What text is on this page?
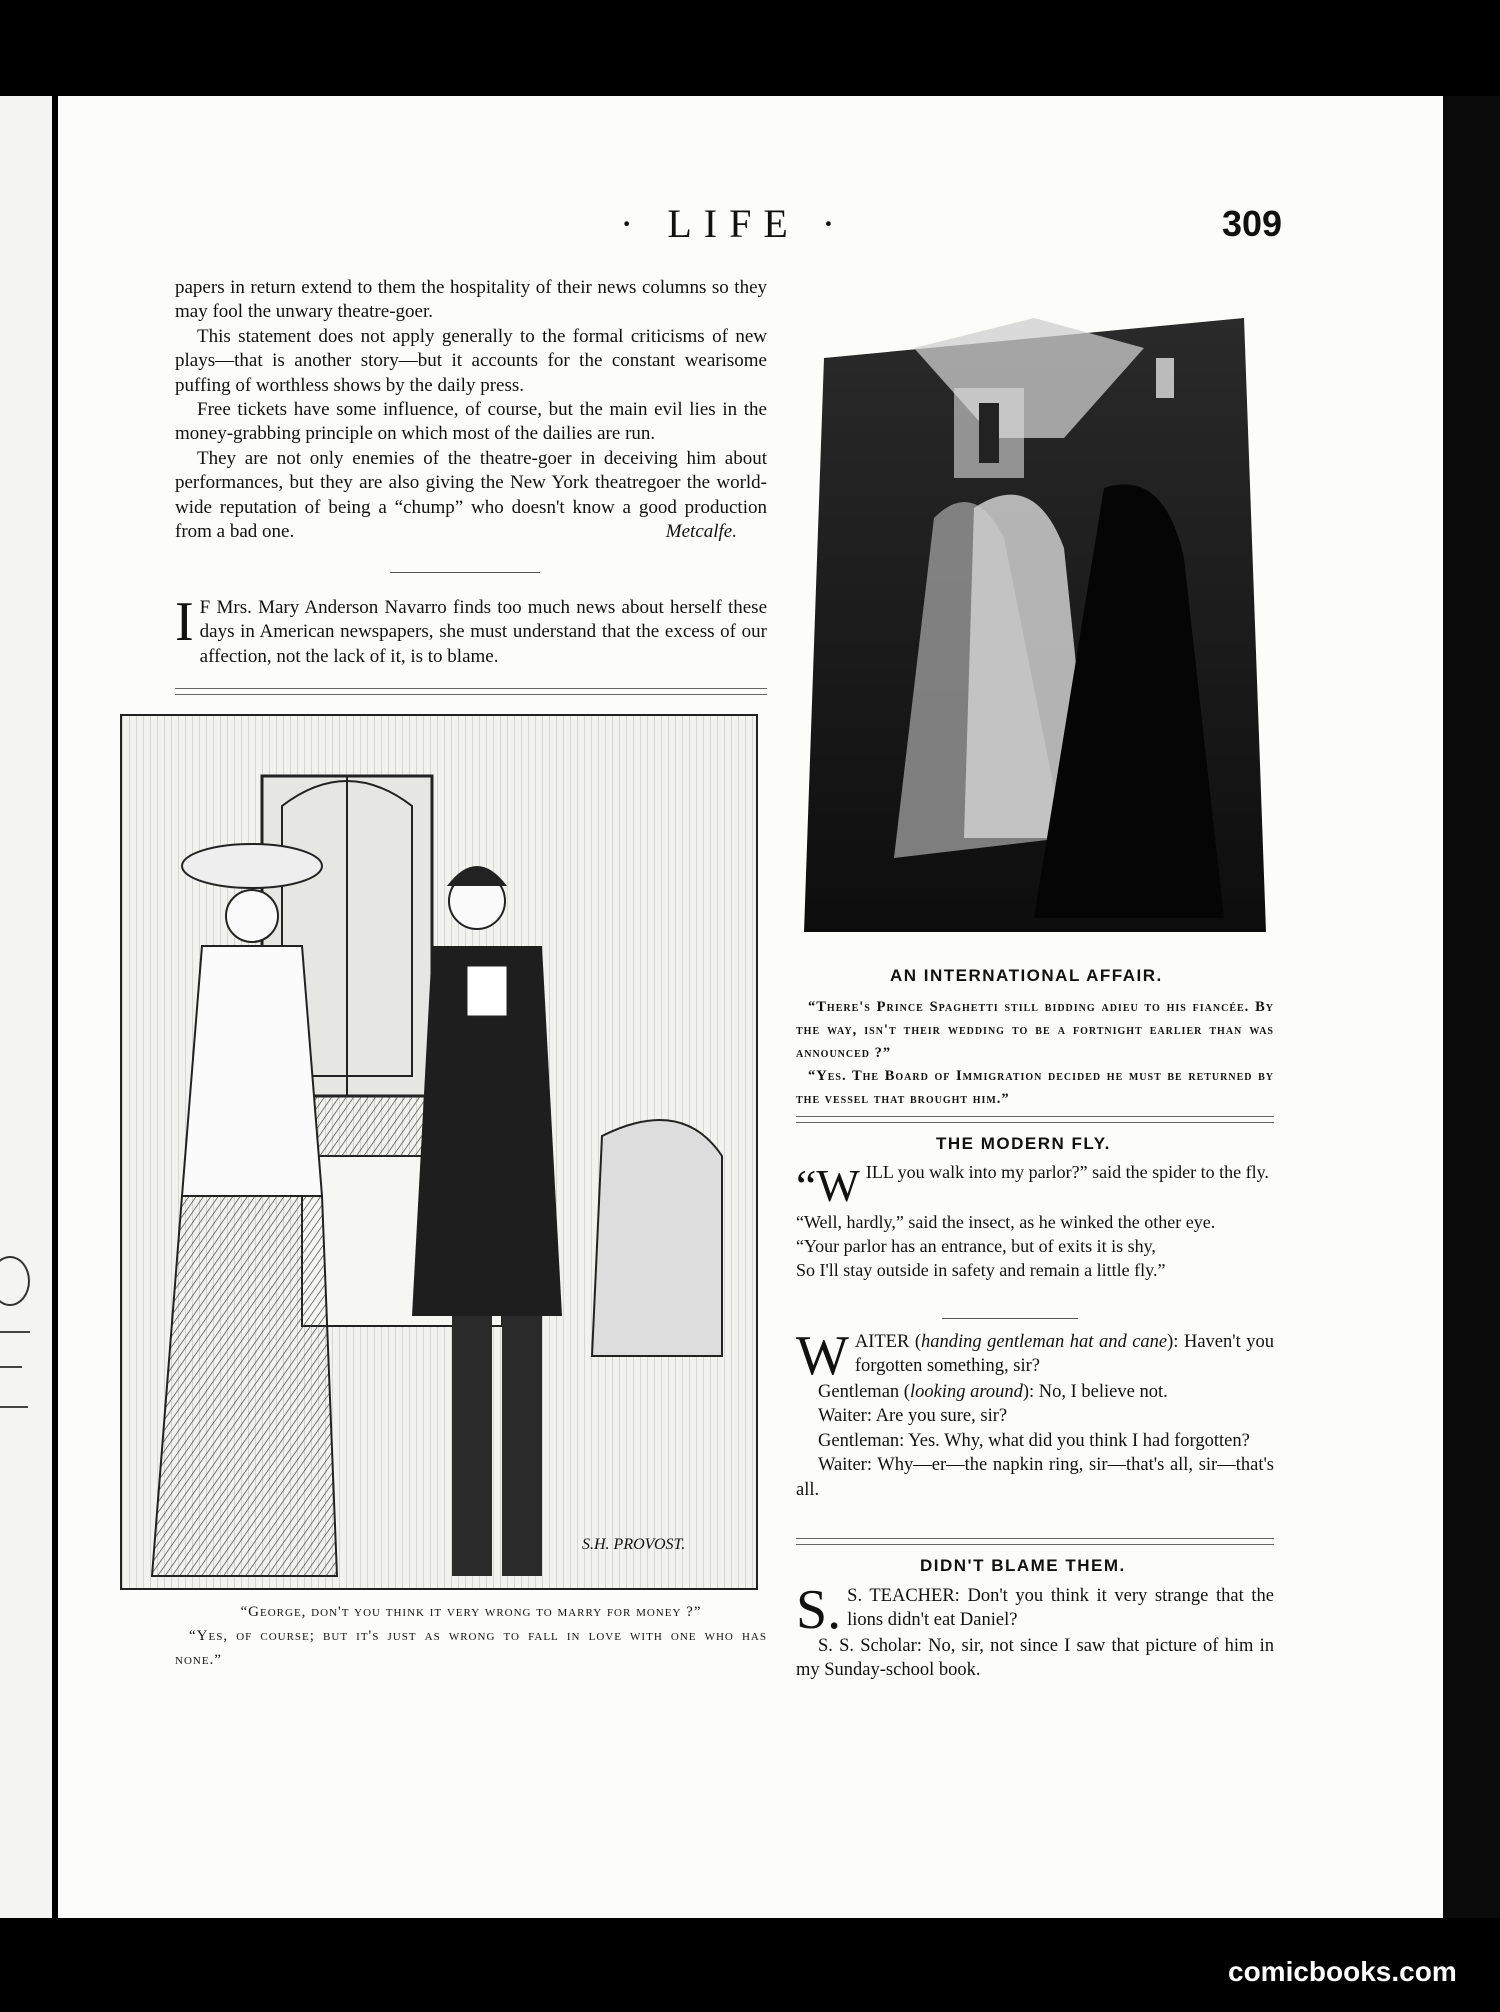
· LIFE ·	309

papers in return extend to them the hospitality of their news columns so they may fool the unwary theatre-goer.

This statement does not apply generally to the formal criticisms of new plays—that is another story—but it accounts for the constant wearisome puffing of worthless shows by the daily press.

Free tickets have some influence, of course, but the main evil lies in the money-grabbing principle on which most of the dailies are run.

They are not only enemies of the theatre-goer in deceiving him about performances, but they are also giving the New York theatregoer the world-wide reputation of being a “chump” who doesn't know a good production from a bad one.	Metcalfe.
I F Mrs. Mary Anderson Navarro finds too much news about herself these days in American newspapers, she must understand that the excess of our affection, not the lack of it, is to blame.
S.H. PROVOST.
“George, don't you think it very wrong to marry for money ?”
“Yes, of course; but it's just as wrong to fall in love with one who has none.”
AN INTERNATIONAL AFFAIR.
“There's Prince Spaghetti still bidding adieu to his fiancée. By the way, isn't their wedding to be a fortnight earlier than was announced ?”
“Yes. The Board of Immigration decided he must be returned by the vessel that brought him.”
THE MODERN FLY.
“W ILL you walk into my parlor?” said the spider to the fly.
“Well, hardly,” said the insect, as he winked the other eye.
“Your parlor has an entrance, but of exits it is shy,
So I'll stay outside in safety and remain a little fly.”
W AITER (handing gentleman hat and cane): Haven't you forgotten something, sir?

Gentleman (looking around): No, I believe not.

Waiter: Are you sure, sir?

Gentleman: Yes. Why, what did you think I had forgotten?

Waiter: Why—er—the napkin ring, sir—that's all, sir—that's all.

DIDN'T BLAME THEM.
S. S. TEACHER: Don't you think it very strange that the lions didn't eat Daniel?

S. S. Scholar: No, sir, not since I saw that picture of him in my Sunday-school book.

comicbooks.com
